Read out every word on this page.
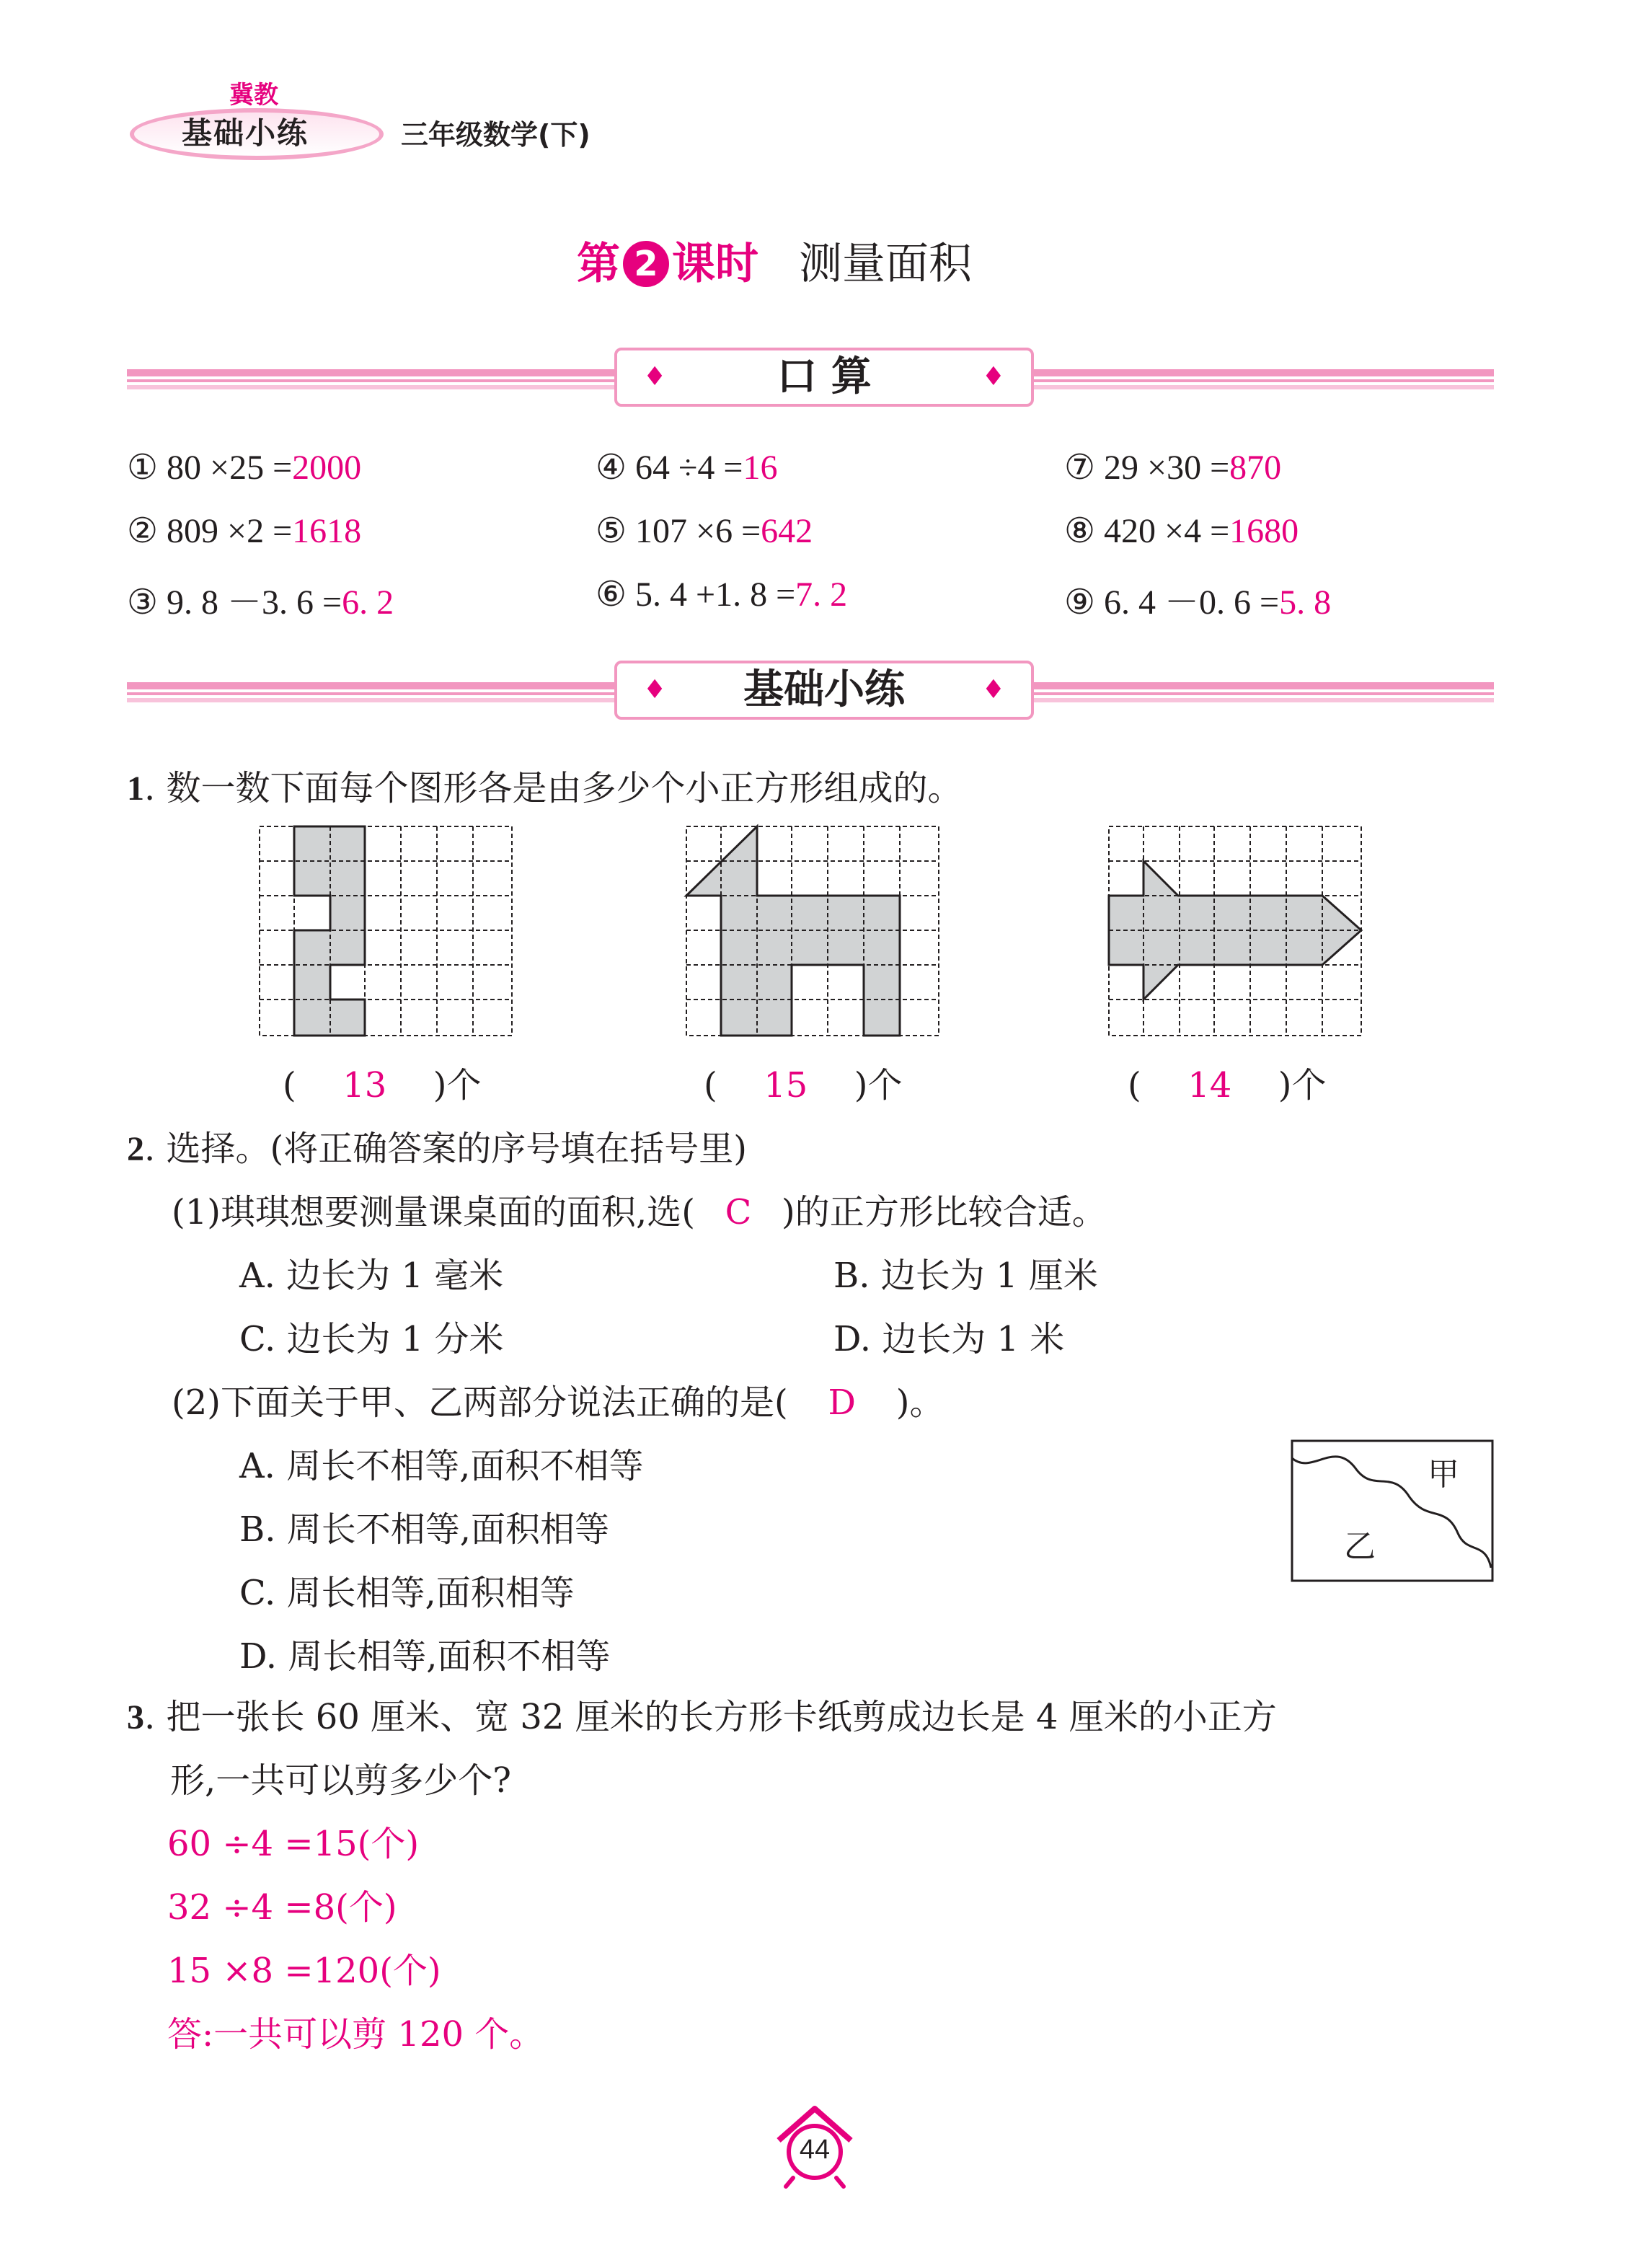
冀教
基础小练	三年级数学(下)
第 2 课时 测量面积
♦	口 算	♦
① 80 ×25 =2000	④ 64 ÷4 =16	⑦ 29 ×30 =870
② 809 ×2 =1618	⑤ 107 ×6 =642	⑧ 420 ×4 =1680
③ 9. 8 －3. 6 =6. 2	⑥ 5. 4 +1. 8 =7. 2	⑨ 6. 4 －0. 6 =5. 8
♦ 基础小练	♦
1. 数一数下面每个图形各是由多少个小正方形组成的。
( 13 )个	( 15 )个	( 14 )个
2. 选择。(将正确答案的序号填在括号里)
(1)琪琪想要测量课桌面的面积,选( C )的正方形比较合适。
A. 边长为 1 毫米	B. 边长为 1 厘米
C. 边长为 1 分米	D. 边长为 1 米
(2)下面关于甲、乙两部分说法正确的是( D )。
A. 周长不相等,面积不相等
B. 周长不相等,面积相等
C. 周长相等,面积相等
D. 周长相等,面积不相等
甲
乙
3. 把一张长 60 厘米、宽 32 厘米的长方形卡纸剪成边长是 4 厘米的小正方
形,一共可以剪多少个?
60 ÷4 =15(个)
32 ÷4 =8(个)
15 ×8 =120(个)
答:一共可以剪 120 个。
44
